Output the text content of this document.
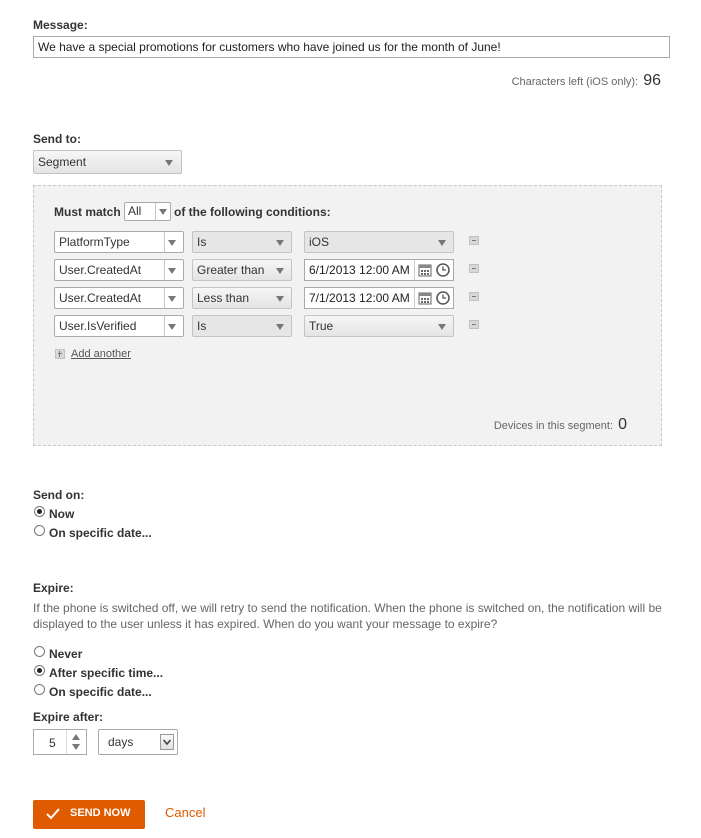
Message:
We have a special promotions for customers who have joined us for the month of June!
Characters left (iOS only): 96
Send to:
Segment
Must match All	of the following conditions:
PlatformType	Is	iOS
User.CreatedAt	Greater than	6/1/2013 12:00 AM
User.CreatedAt	Less than	7/1/2013 12:00 AM
User.IsVerified	Is	True
Add another
Devices in this segment: 0
Send on:
Now
On specific date...
Expire:
If the phone is switched off, we will retry to send the notification. When the phone is switched on, the notification will be displayed to the user unless it has expired. When do you want your message to expire?
Never
After specific time...
On specific date...
Expire after:
5	days
SEND NOW	Cancel
